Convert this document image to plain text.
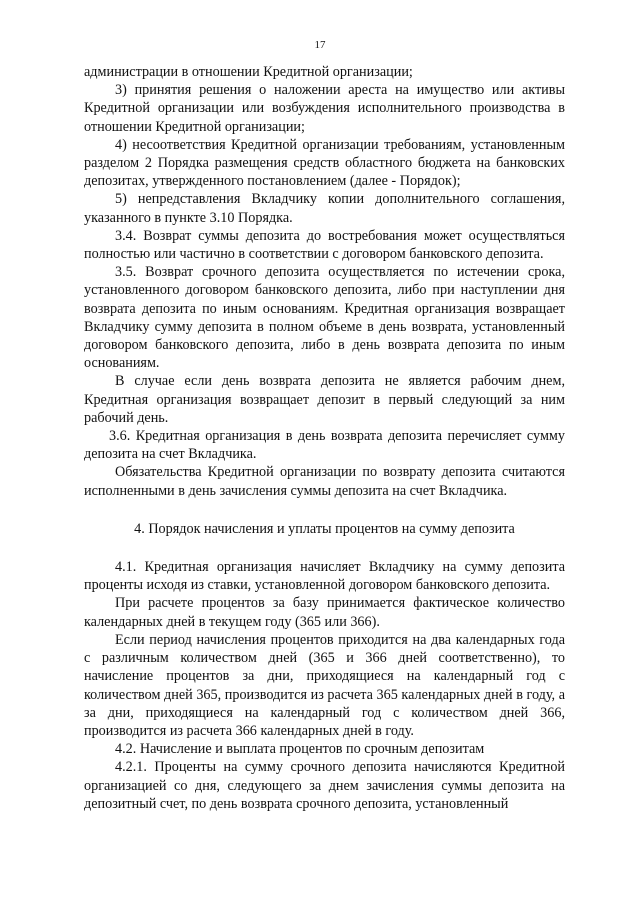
17

администрации в отношении Кредитной организации;

3) принятия решения о наложении ареста на имущество или активы Кредитной организации или возбуждения исполнительного производства в отношении Кредитной организации;

4) несоответствия Кредитной организации требованиям, установленным разделом 2 Порядка размещения средств областного бюджета на банковских депозитах, утвержденного постановлением (далее - Порядок);

5) непредставления Вкладчику копии дополнительного соглашения, указанного в пункте 3.10 Порядка.

3.4. Возврат суммы депозита до востребования может осуществляться полностью или частично в соответствии с договором банковского депозита.

3.5. Возврат срочного депозита осуществляется по истечении срока, установленного договором банковского депозита, либо при наступлении дня возврата депозита по иным основаниям. Кредитная организация возвращает Вкладчику сумму депозита в полном объеме в день возврата, установленный договором банковского депозита, либо в день возврата депозита по иным основаниям.

В случае если день возврата депозита не является рабочим днем, Кредитная организация возвращает депозит в первый следующий за ним рабочий день.

3.6. Кредитная организация в день возврата депозита перечисляет сумму депозита на счет Вкладчика.

Обязательства Кредитной организации по возврату депозита считаются исполненными в день зачисления суммы депозита на счет Вкладчика.

4. Порядок начисления и уплаты процентов на сумму депозита

4.1. Кредитная организация начисляет Вкладчику на сумму депозита проценты исходя из ставки, установленной договором банковского депозита.

При расчете процентов за базу принимается фактическое количество календарных дней в текущем году (365 или 366).

Если период начисления процентов приходится на два календарных года с различным количеством дней (365 и 366 дней соответственно), то начисление процентов за дни, приходящиеся на календарный год с количеством дней 365, производится из расчета 365 календарных дней в году, а за дни, приходящиеся на календарный год с количеством дней 366, производится из расчета 366 календарных дней в году.

4.2. Начисление и выплата процентов по срочным депозитам

4.2.1. Проценты на сумму срочного депозита начисляются Кредитной организацией со дня, следующего за днем зачисления суммы депозита на депозитный счет, по день возврата срочного депозита, установленный
